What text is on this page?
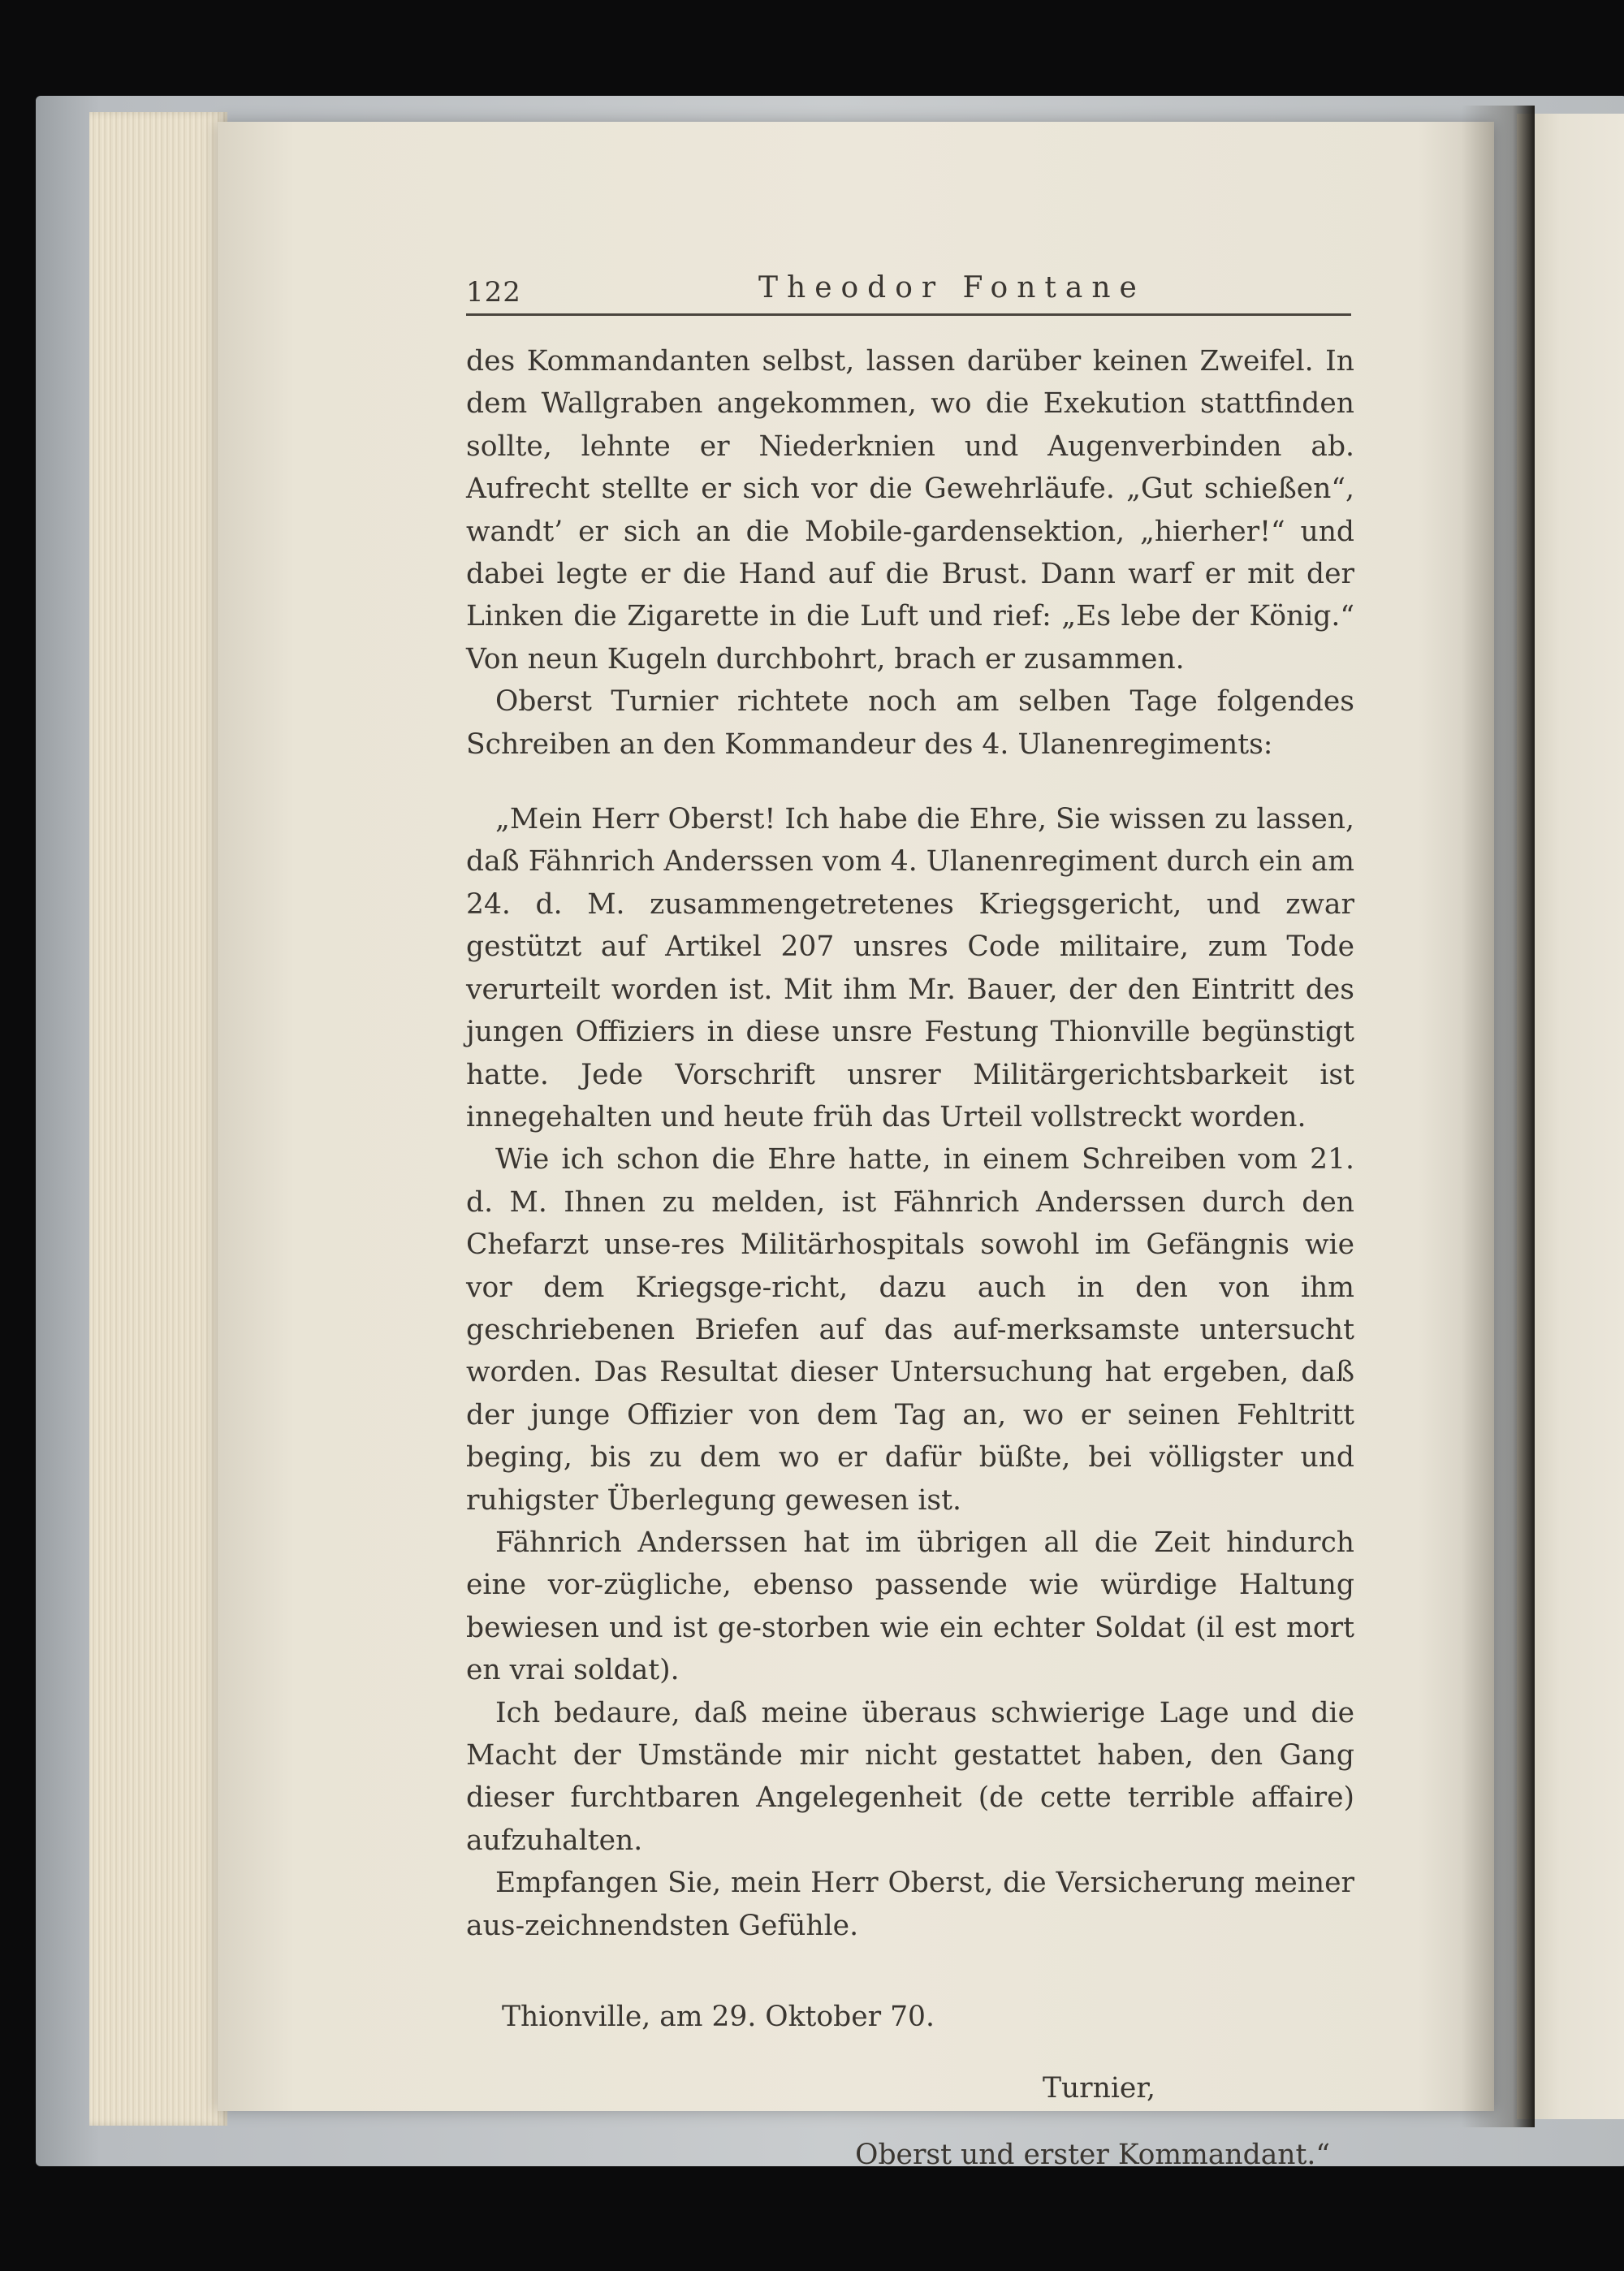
122	Theodor Fontane

des Kommandanten selbst, lassen darüber keinen Zweifel. In dem Wallgraben angekommen, wo die Exekution stattfinden sollte, lehnte er Niederknien und Augenverbinden ab. Aufrecht stellte er sich vor die Gewehrläufe. „Gut schießen“, wandt’ er sich an die Mobile-gardensektion, „hierher!“ und dabei legte er die Hand auf die Brust. Dann warf er mit der Linken die Zigarette in die Luft und rief: „Es lebe der König.“ Von neun Kugeln durchbohrt, brach er zusammen.

Oberst Turnier richtete noch am selben Tage folgendes Schreiben an den Kommandeur des 4. Ulanenregiments:

„Mein Herr Oberst! Ich habe die Ehre, Sie wissen zu lassen, daß Fähnrich Anderssen vom 4. Ulanenregiment durch ein am 24. d. M. zusammengetretenes Kriegsgericht, und zwar gestützt auf Artikel 207 unsres Code militaire, zum Tode verurteilt worden ist. Mit ihm Mr. Bauer, der den Eintritt des jungen Offiziers in diese unsre Festung Thionville begünstigt hatte. Jede Vorschrift unsrer Militärgerichtsbarkeit ist innegehalten und heute früh das Urteil vollstreckt worden.

Wie ich schon die Ehre hatte, in einem Schreiben vom 21. d. M. Ihnen zu melden, ist Fähnrich Anderssen durch den Chefarzt unse-res Militärhospitals sowohl im Gefängnis wie vor dem Kriegsge-richt, dazu auch in den von ihm geschriebenen Briefen auf das auf-merksamste untersucht worden. Das Resultat dieser Untersuchung hat ergeben, daß der junge Offizier von dem Tag an, wo er seinen Fehltritt beging, bis zu dem wo er dafür büßte, bei völligster und ruhigster Überlegung gewesen ist.

Fähnrich Anderssen hat im übrigen all die Zeit hindurch eine vor-zügliche, ebenso passende wie würdige Haltung bewiesen und ist ge-storben wie ein echter Soldat (il est mort en vrai soldat).

Ich bedaure, daß meine überaus schwierige Lage und die Macht der Umstände mir nicht gestattet haben, den Gang dieser furchtbaren Angelegenheit (de cette terrible affaire) aufzuhalten.

Empfangen Sie, mein Herr Oberst, die Versicherung meiner aus-zeichnendsten Gefühle.

Thionville, am 29. Oktober 70.
Turnier,
Oberst und erster Kommandant.“
